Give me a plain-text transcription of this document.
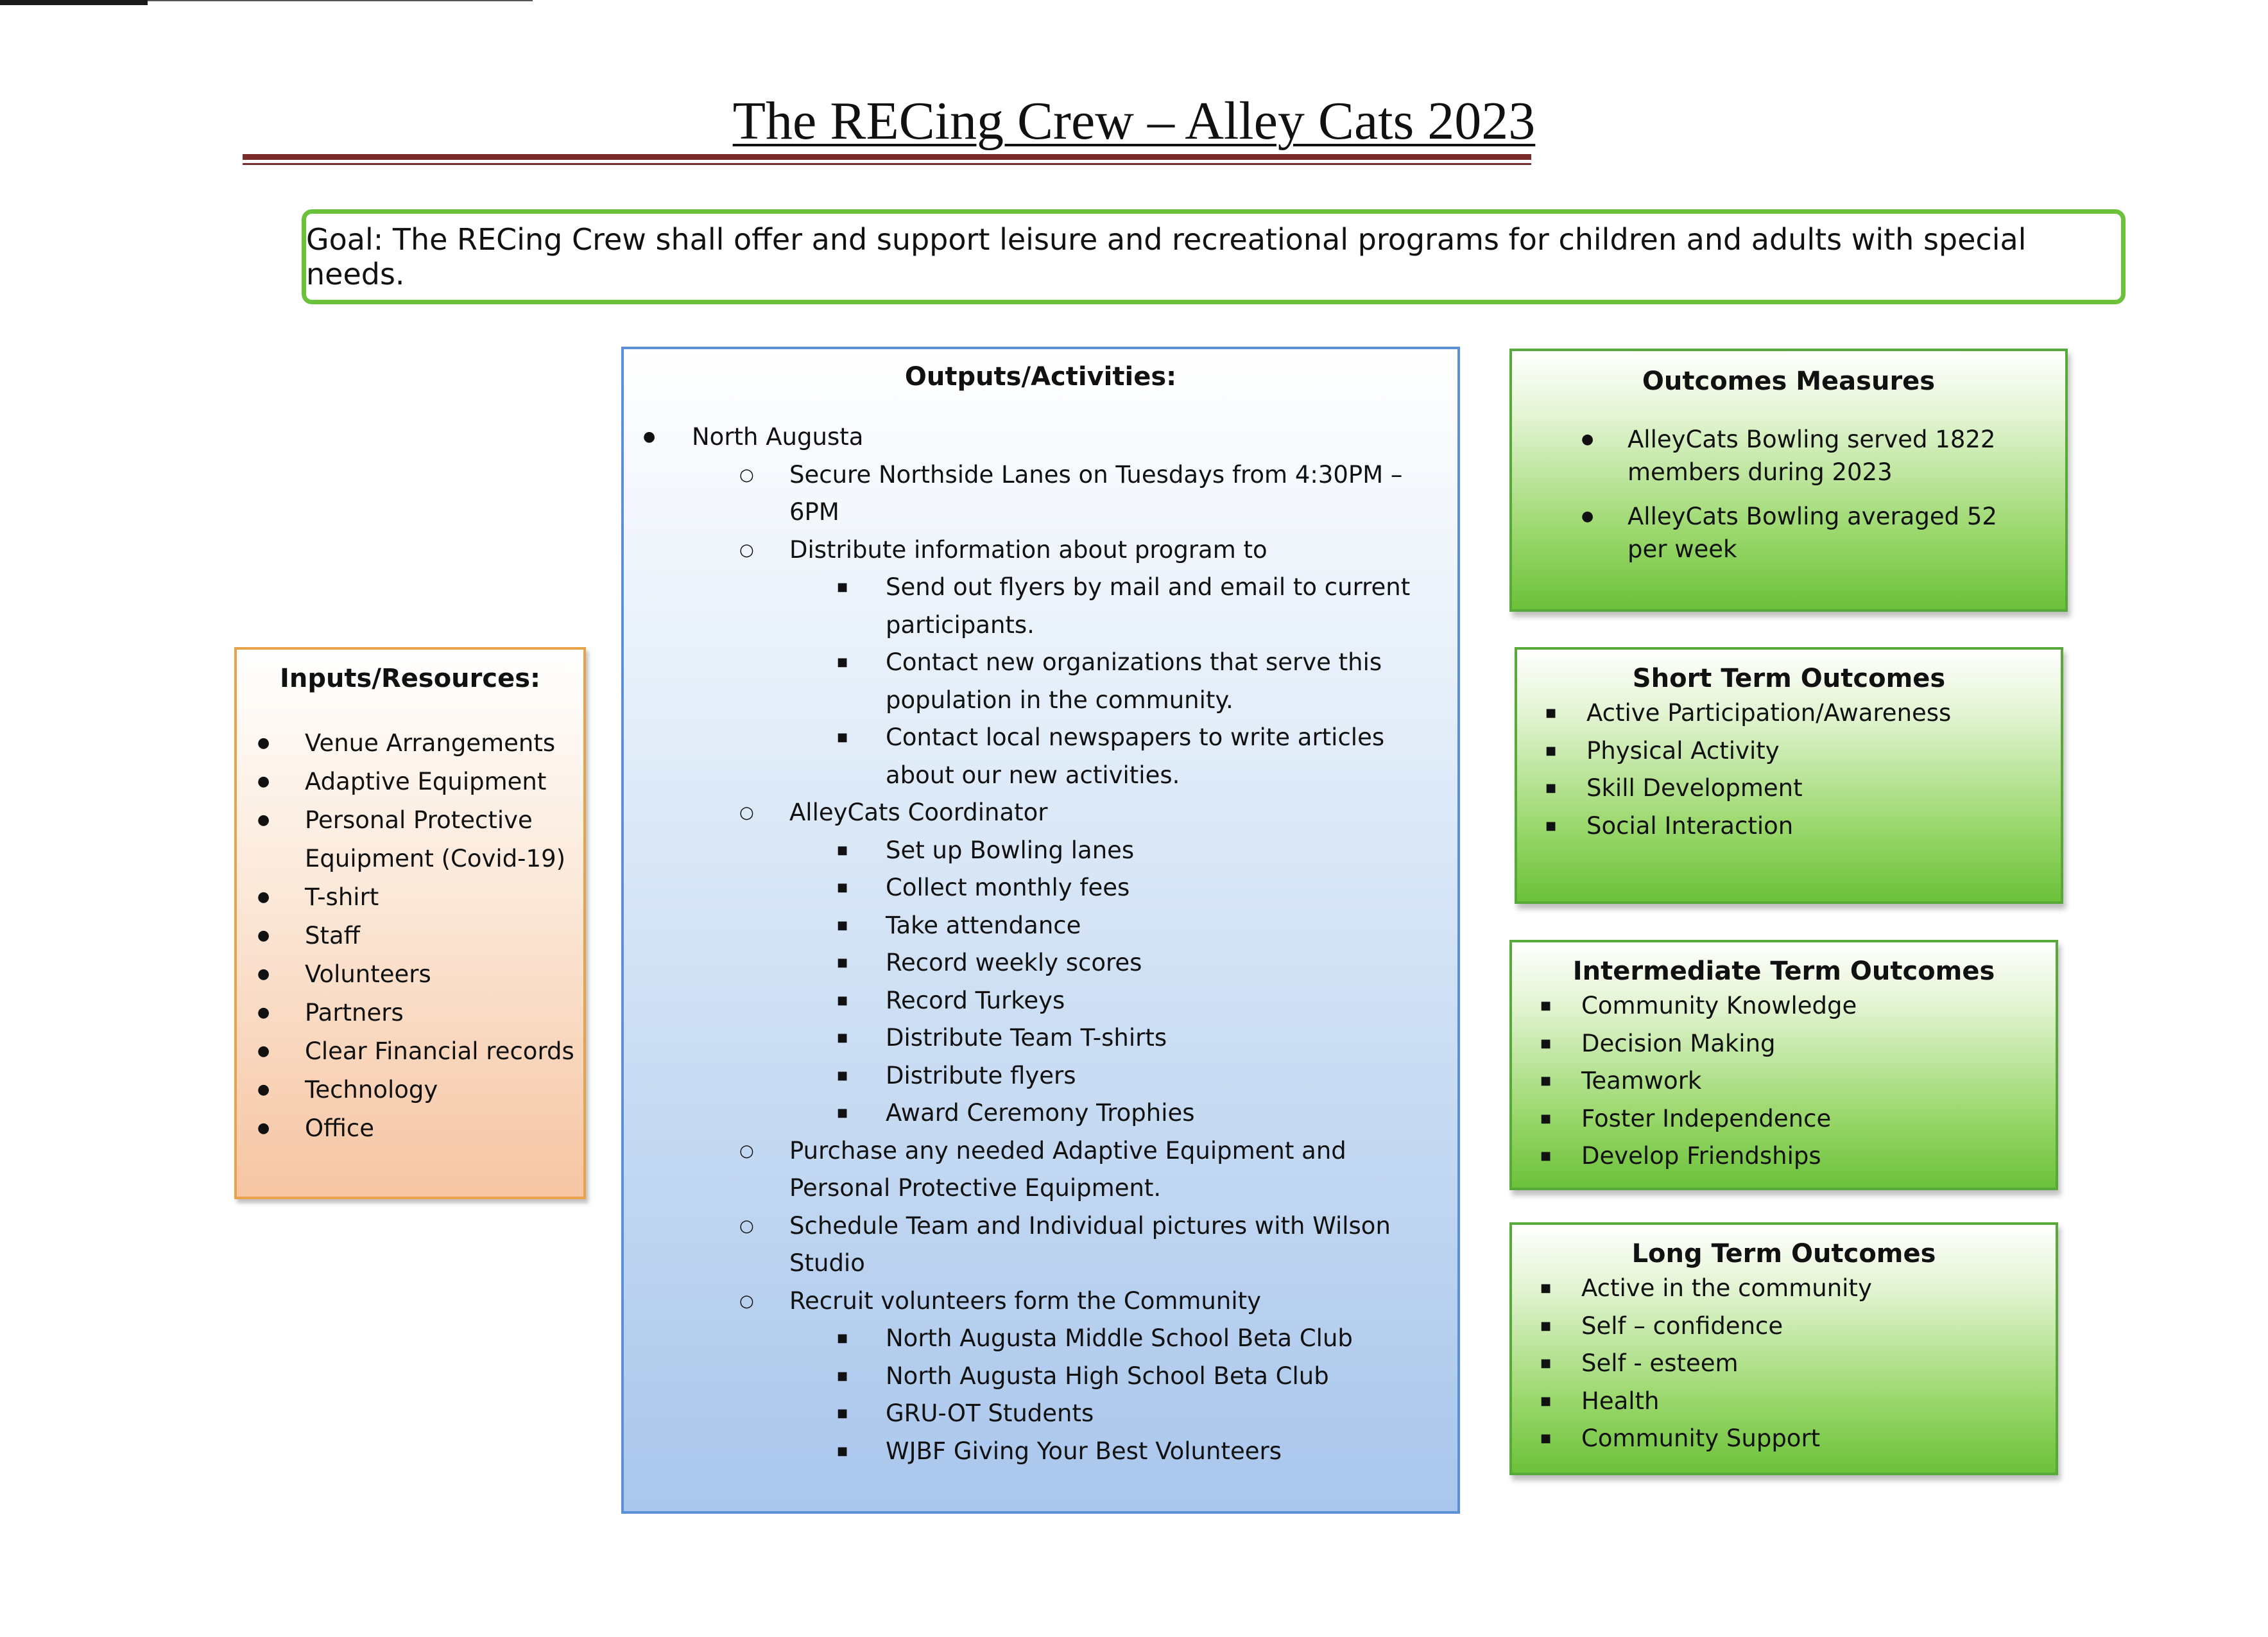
The RECing Crew – Alley Cats 2023
Goal: The RECing Crew shall offer and support leisure and recreational programs for children and adults with special needs.
Inputs/Resources:
● Venue Arrangements
● Adaptive Equipment
● Personal Protective Equipment (Covid-19)
● T-shirt
● Staff
● Volunteers
● Partners
● Clear Financial records
● Technology
● Office
Outputs/Activities:
● North Augusta
○ Secure Northside Lanes on Tuesdays from 4:30PM – 6PM
○ Distribute information about program to
■ Send out flyers by mail and email to current participants.
■ Contact new organizations that serve this population in the community.
■ Contact local newspapers to write articles about our new activities.
○ AlleyCats Coordinator
■ Set up Bowling lanes
■ Collect monthly fees
■ Take attendance
■ Record weekly scores
■ Record Turkeys
■ Distribute Team T-shirts
■ Distribute flyers
■ Award Ceremony Trophies
○ Purchase any needed Adaptive Equipment and Personal Protective Equipment.
○ Schedule Team and Individual pictures with Wilson Studio
○ Recruit volunteers form the Community
■ North Augusta Middle School Beta Club
■ North Augusta High School Beta Club
■ GRU-OT Students
■ WJBF Giving Your Best Volunteers
Outcomes Measures
● AlleyCats Bowling served 1822 members during 2023
● AlleyCats Bowling averaged 52 per week
Short Term Outcomes
■ Active Participation/Awareness
■ Physical Activity
■ Skill Development
■ Social Interaction
Intermediate Term Outcomes
■ Community Knowledge
■ Decision Making
■ Teamwork
■ Foster Independence
■ Develop Friendships
Long Term Outcomes
■ Active in the community
■ Self – confidence
■ Self - esteem
■ Health
■ Community Support
